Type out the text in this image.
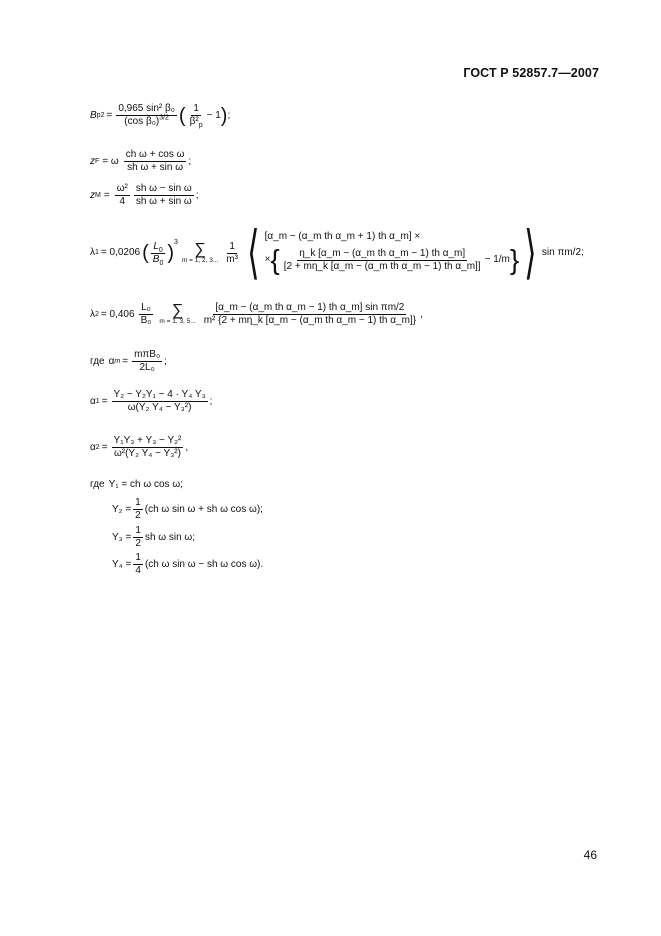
ГОСТ Р 52857.7—2007
B $p2 = \frac{\text{0,965 sin² β₀}}{(\cos \beta_0)^{3/2}}$ ( $\frac{1}{\beta^2_р} - 1$ ) ;
z F = ω $\frac{\text{ch ω + cos ω}}{\text{sh ω + sin ω}}$ ;
z $M = \frac{\text{ω²}}{4} \frac{\text{sh ω − sin ω}}{\text{sh ω + sin ω}}$ ;
λ 1 = 0,0206 ( $\frac{L_0}{B_0} )^3$ ∑
m = 1, 2, 3... $\frac{1}{\text{m³}}$ ⟨ [α_m − (α_m th α_m + 1) th α_m] ×
× { $\frac{\text{η\_k [α\_m − (α\_m th α\_m − 1) th α\_m]}}{\text{[2 + mη\_k [α\_m − (α\_m th α\_m − 1) th α\_m]]}} - 1/m$ } ⟩ sin πm/2 ;
λ $2 = 0,406 \frac{\text{L₀}}{\text{B₀}}$ ∑
m = 1, 3, 5... $\frac{\text{[α\_m − (α\_m th α\_m − 1) th α\_m] sin πm/2}}{\text{m² \{2 + mη\_k [α\_m − (α\_m th α\_m − 1) th α\_m]\}}}$ ,
где α $m = \frac{\text{mπB₀}}{\text{2L₀}}$ ;
α $1 = \frac{\text{Y₂ − Y₂Y₁ − 4 · Y₄ Y₃}}{\text{ω(Y₂ Y₄ − Y₃²)}}$ ;
α $2 = \frac{\text{Y₁Y₃ + Y₃ − Y₂²}}{\text{ω²(Y₂ Y₄ − Y₃²)}}$ ,
где Y₁ = ch ω cos ω;
$Y_2 = \frac{1}{2} (ch$ ω sin ω + sh ω cos ω);
$Y_3 = \frac{1}{2}$ sh ω sin ω;
$Y_4 = \frac{1}{4} (ch$ ω sin ω − sh ω cos ω).
46
